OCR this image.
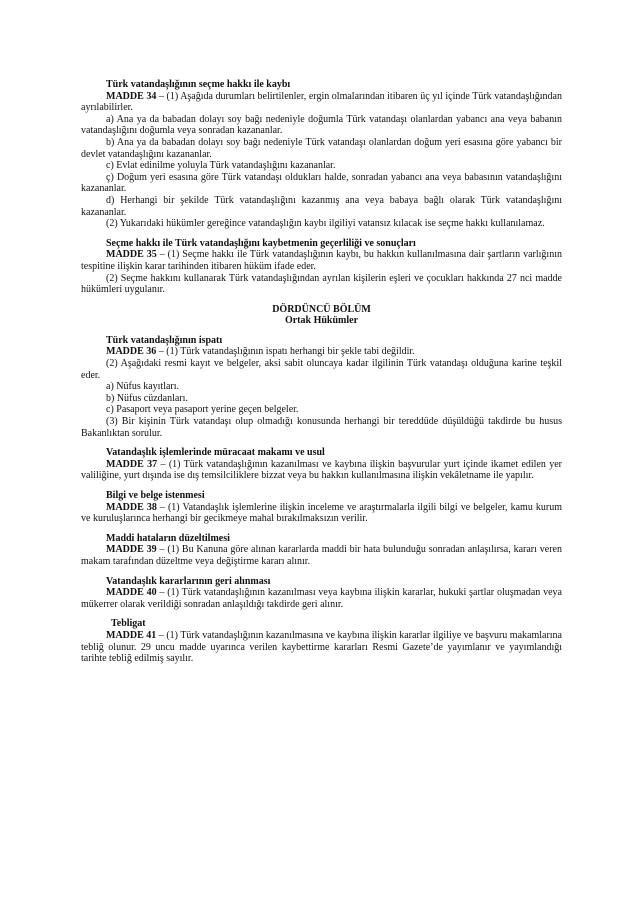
Türk vatandaşlığının seçme hakkı ile kaybı

MADDE 34 – (1) Aşağıda durumları belirtilenler, ergin olmalarından itibaren üç yıl içinde Türk vatandaşlığından ayrılabilirler.

a) Ana ya da babadan dolayı soy bağı nedeniyle doğumla Türk vatandaşı olanlardan yabancı ana veya babanın vatandaşlığını doğumla veya sonradan kazananlar.

b) Ana ya da babadan dolayı soy bağı nedeniyle Türk vatandaşı olanlardan doğum yeri esasına göre yabancı bir devlet vatandaşlığını kazananlar.

c) Evlat edinilme yoluyla Türk vatandaşlığını kazananlar.

ç) Doğum yeri esasına göre Türk vatandaşı oldukları halde, sonradan yabancı ana veya babasının vatandaşlığını kazananlar.

d) Herhangi bir şekilde Türk vatandaşlığını kazanmış ana veya babaya bağlı olarak Türk vatandaşlığını kazananlar.

(2) Yukarıdaki hükümler gereğince vatandaşlığın kaybı ilgiliyi vatansız kılacak ise seçme hakkı kullanılamaz.

Seçme hakkı ile Türk vatandaşlığını kaybetmenin geçerliliği ve sonuçları

MADDE 35 – (1) Seçme hakkı ile Türk vatandaşlığının kaybı, bu hakkın kullanılmasına dair şartların varlığının tespitine ilişkin karar tarihinden itibaren hüküm ifade eder.

(2) Seçme hakkını kullanarak Türk vatandaşlığından ayrılan kişilerin eşleri ve çocukları hakkında 27 nci madde hükümleri uygulanır.

DÖRDÜNCÜ BÖLÜM

Ortak Hükümler

Türk vatandaşlığının ispatı

MADDE 36 – (1) Türk vatandaşlığının ispatı herhangi bir şekle tabi değildir.

(2) Aşağıdaki resmi kayıt ve belgeler, aksi sabit oluncaya kadar ilgilinin Türk vatandaşı olduğuna karine teşkil eder.

a) Nüfus kayıtları.

b) Nüfus cüzdanları.

c) Pasaport veya pasaport yerine geçen belgeler.

(3) Bir kişinin Türk vatandaşı olup olmadığı konusunda herhangi bir tereddüde düşüldüğü takdirde bu husus Bakanlıktan sorulur.

Vatandaşlık işlemlerinde müracaat makamı ve usul

MADDE 37 – (1) Türk vatandaşlığının kazanılması ve kaybına ilişkin başvurular yurt içinde ikamet edilen yer valiliğine, yurt dışında ise dış temsilciliklere bizzat veya bu hakkın kullanılmasına ilişkin vekâletname ile yapılır.

Bilgi ve belge istenmesi

MADDE 38 – (1) Vatandaşlık işlemlerine ilişkin inceleme ve araştırmalarla ilgili bilgi ve belgeler, kamu kurum ve kuruluşlarınca herhangi bir gecikmeye mahal bırakılmaksızın verilir.

Maddi hataların düzeltilmesi

MADDE 39 – (1) Bu Kanuna göre alınan kararlarda maddi bir hata bulunduğu sonradan anlaşılırsa, kararı veren makam tarafından düzeltme veya değiştirme kararı alınır.

Vatandaşlık kararlarının geri alınması

MADDE 40 – (1) Türk vatandaşlığının kazanılması veya kaybına ilişkin kararlar, hukuki şartlar oluşmadan veya mükerrer olarak verildiği sonradan anlaşıldığı takdirde geri alınır.

Tebligat

MADDE 41 – (1) Türk vatandaşlığının kazanılmasına ve kaybına ilişkin kararlar ilgiliye ve başvuru makamlarına tebliğ olunur. 29 uncu madde uyarınca verilen kaybettirme kararları Resmi Gazete’de yayımlanır ve yayımlandığı tarihte tebliğ edilmiş sayılır.
